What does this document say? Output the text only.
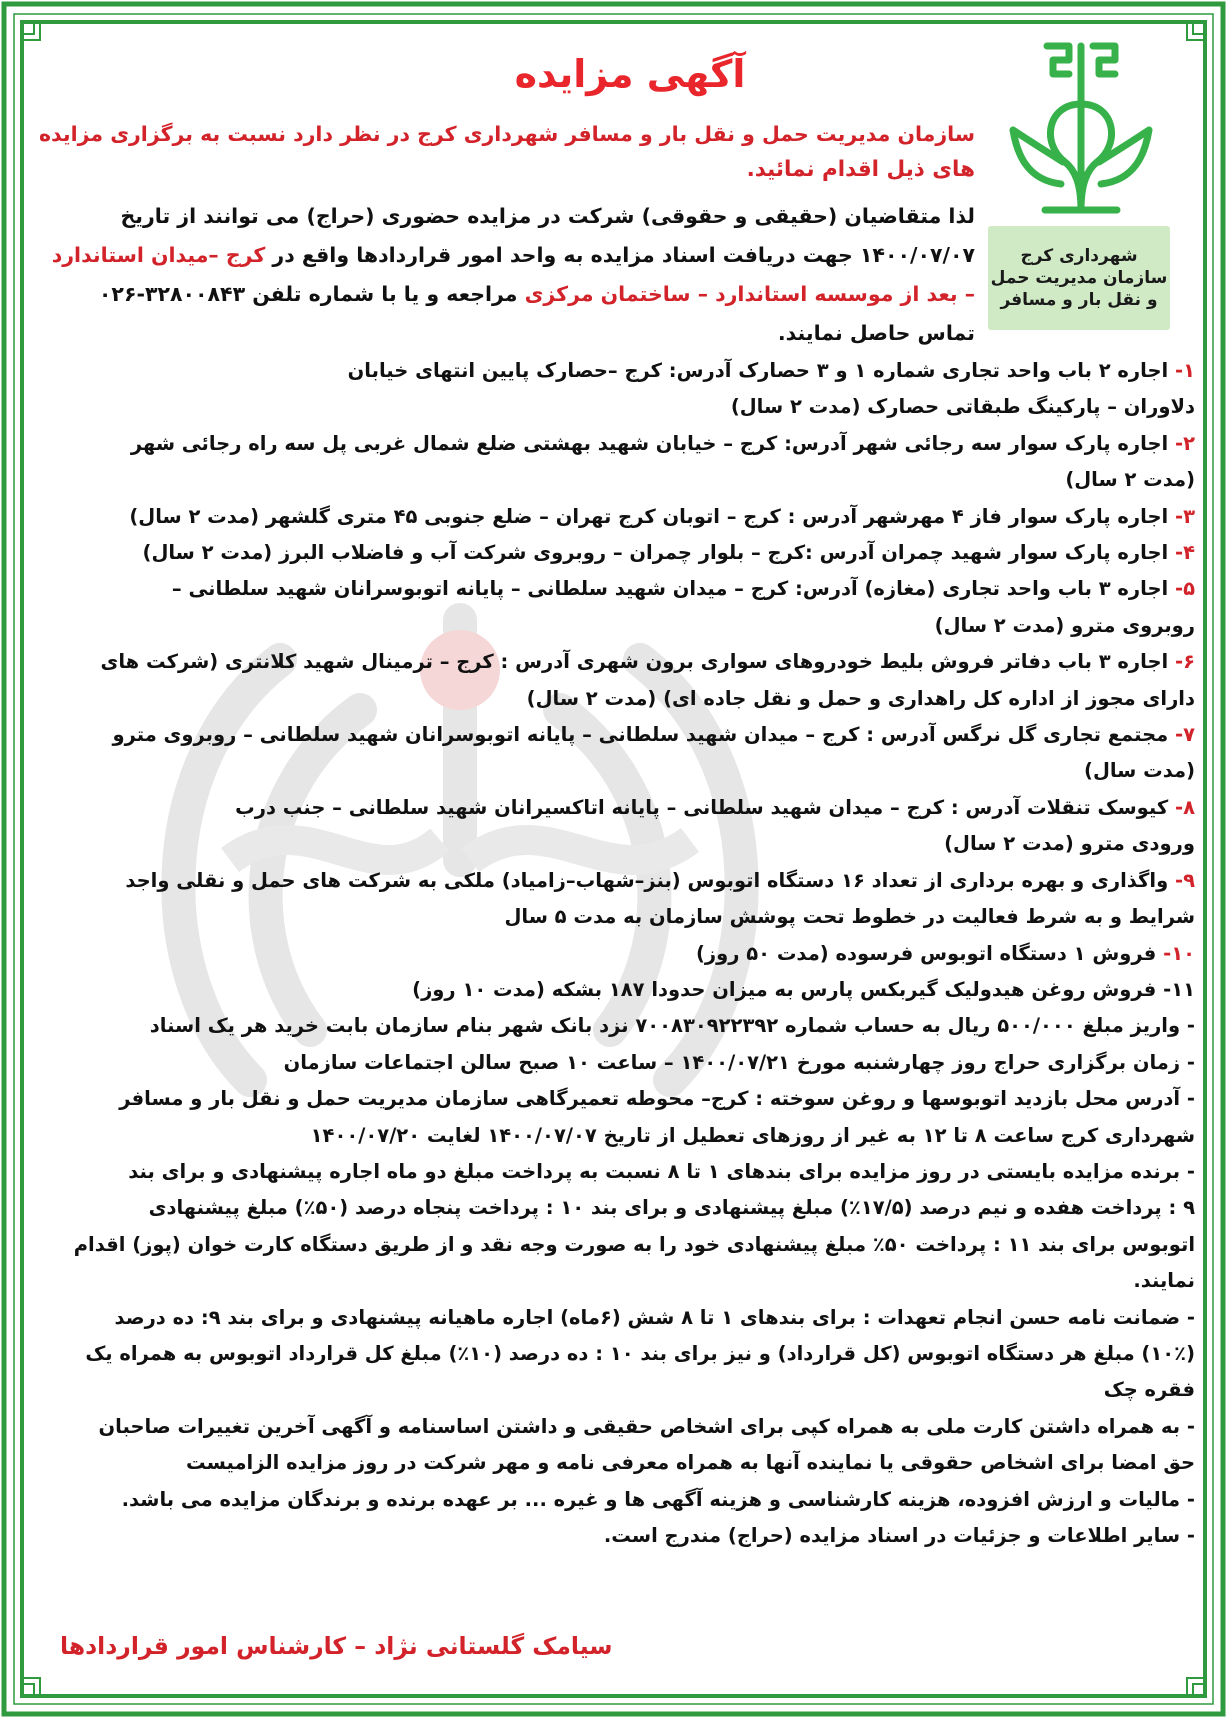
شهرداری کرج
سازمان مدیریت حمل
و نقل بار و مسافر
آگهی مزایده
سازمان مدیریت حمل و نقل بار و مسافر شهرداری کرج در نظر دارد نسبت به برگزاری مزایده
های ذیل اقدام نمائید.
لذا متقاضیان (حقیقی و حقوقی) شرکت در مزایده حضوری (حراج) می توانند از تاریخ
۱۴۰۰/۰۷/۰۷ جهت دریافت اسناد مزایده به واحد امور قراردادها واقع در کرج –میدان استاندارد
– بعد از موسسه استاندارد – ساختمان مرکزی مراجعه و یا با شماره تلفن ۳۲۸۰۰۸۴۳-۰۲۶
تماس حاصل نمایند.
۱- اجاره ۲ باب واحد تجاری شماره ۱ و ۳ حصارک آدرس: کرج –حصارک پایین انتهای خیابان
دلاوران – پارکینگ طبقاتی حصارک (مدت ۲ سال)
۲- اجاره پارک سوار سه رجائی شهر آدرس: کرج – خیابان شهید بهشتی ضلع شمال غربی پل سه راه رجائی شهر
(مدت ۲ سال)
۳- اجاره پارک سوار فاز ۴ مهرشهر آدرس : کرج – اتوبان کرج تهران – ضلع جنوبی ۴۵ متری گلشهر (مدت ۲ سال)
۴- اجاره پارک سوار شهید چمران آدرس :کرج – بلوار چمران – روبروی شرکت آب و فاضلاب البرز (مدت ۲ سال)
۵- اجاره ۳ باب واحد تجاری (مغازه) آدرس: کرج – میدان شهید سلطانی – پایانه اتوبوسرانان شهید سلطانی –
روبروی مترو (مدت ۲ سال)
۶- اجاره ۳ باب دفاتر فروش بلیط خودروهای سواری برون شهری آدرس : کرج – ترمینال شهید کلانتری (شرکت های
دارای مجوز از اداره کل راهداری و حمل و نقل جاده ای) (مدت ۲ سال)
۷- مجتمع تجاری گل نرگس آدرس : کرج – میدان شهید سلطانی – پایانه اتوبوسرانان شهید سلطانی – روبروی مترو
(مدت سال)
۸- کیوسک تنقلات آدرس : کرج – میدان شهید سلطانی – پایانه اتاکسیرانان شهید سلطانی – جنب درب
ورودی مترو (مدت ۲ سال)
۹- واگذاری و بهره برداری از تعداد ۱۶ دستگاه اتوبوس (بنز–شهاب–زامیاد) ملکی به شرکت های حمل و نقلی واجد
شرایط و به شرط فعالیت در خطوط تحت پوشش سازمان به مدت ۵ سال
۱۰- فروش ۱ دستگاه اتوبوس فرسوده (مدت ۵۰ روز)
۱۱- فروش روغن هیدولیک گیربکس پارس به میزان حدودا ۱۸۷ بشکه (مدت ۱۰ روز)
- واریز مبلغ ۵۰۰/۰۰۰ ریال به حساب شماره ۷۰۰۸۳۰۹۲۲۳۹۲ نزد بانک شهر بنام سازمان بابت خرید هر یک اسناد
- زمان برگزاری حراج روز چهارشنبه مورخ ۱۴۰۰/۰۷/۲۱ – ساعت ۱۰ صبح سالن اجتماعات سازمان
- آدرس محل بازدید اتوبوسها و روغن سوخته : کرج– محوطه تعمیرگاهی سازمان مدیریت حمل و نقل بار و مسافر
شهرداری کرج ساعت ۸ تا ۱۲ به غیر از روزهای تعطیل از تاریخ ۱۴۰۰/۰۷/۰۷ لغایت ۱۴۰۰/۰۷/۲۰
- برنده مزایده بایستی در روز مزایده برای بندهای ۱ تا ۸ نسبت به پرداخت مبلغ دو ماه اجاره پیشنهادی و برای بند
۹ : پرداخت هفده و نیم درصد (۱۷/۵٪) مبلغ پیشنهادی و برای بند ۱۰ : پرداخت پنجاه درصد (۵۰٪) مبلغ پیشنهادی
اتوبوس برای بند ۱۱ : پرداخت ۵۰٪ مبلغ پیشنهادی خود را به صورت وجه نقد و از طریق دستگاه کارت خوان (پوز) اقدام
نمایند.
- ضمانت نامه حسن انجام تعهدات : برای بندهای ۱ تا ۸ شش (۶ماه) اجاره ماهیانه پیشنهادی و برای بند ۹: ده درصد
(۱۰٪) مبلغ هر دستگاه اتوبوس (کل قرارداد) و نیز برای بند ۱۰ : ده درصد (۱۰٪) مبلغ کل قرارداد اتوبوس به همراه یک
فقره چک
- به همراه داشتن کارت ملی به همراه کپی برای اشخاص حقیقی و داشتن اساسنامه و آگهی آخرین تغییرات صاحبان
حق امضا برای اشخاص حقوقی یا نماینده آنها به همراه معرفی نامه و مهر شرکت در روز مزایده الزامیست
- مالیات و ارزش افزوده، هزینه کارشناسی و هزینه آگهی ها و غیره ... بر عهده برنده و برندگان مزایده می باشد.
- سایر اطلاعات و جزئیات در اسناد مزایده (حراج) مندرج است.
سیامک گلستانی نژاد – کارشناس امور قراردادها
